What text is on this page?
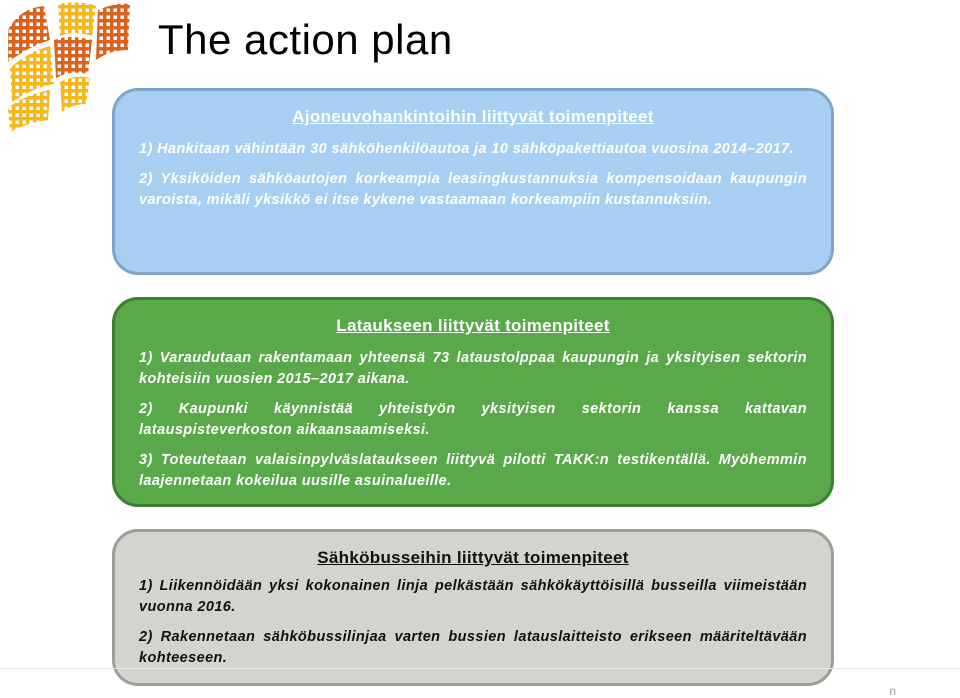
The action plan
Ajoneuvohankintoihin liittyvät toimenpiteet

1) Hankitaan vähintään 30 sähköhenkilöautoa ja 10 sähköpakettiautoa vuosina 2014–2017.

2) Yksiköiden sähköautojen korkeampia leasingkustannuksia kompensoidaan kaupungin varoista, mikäli yksikkö ei itse kykene vastaamaan korkeampiin kustannuksiin.

Lataukseen liittyvät toimenpiteet

1) Varaudutaan rakentamaan yhteensä 73 lataustolppaa kaupungin ja yksityisen sektorin kohteisiin vuosien 2015–2017 aikana.

2) Kaupunki käynnistää yhteistyön yksityisen sektorin kanssa kattavan latauspisteverkoston aikaansaamiseksi.

3) Toteutetaan valaisinpylväslataukseen liittyvä pilotti TAKK:n testikentällä. Myöhemmin laajennetaan kokeilua uusille asuinalueille.

Sähköbusseihin liittyvät toimenpiteet

1) Liikennöidään yksi kokonainen linja pelkästään sähkökäyttöisillä busseilla viimeistään vuonna 2016.

2) Rakennetaan sähköbussilinjaa varten bussien latauslaitteisto erikseen määriteltävään kohteeseen.

n
